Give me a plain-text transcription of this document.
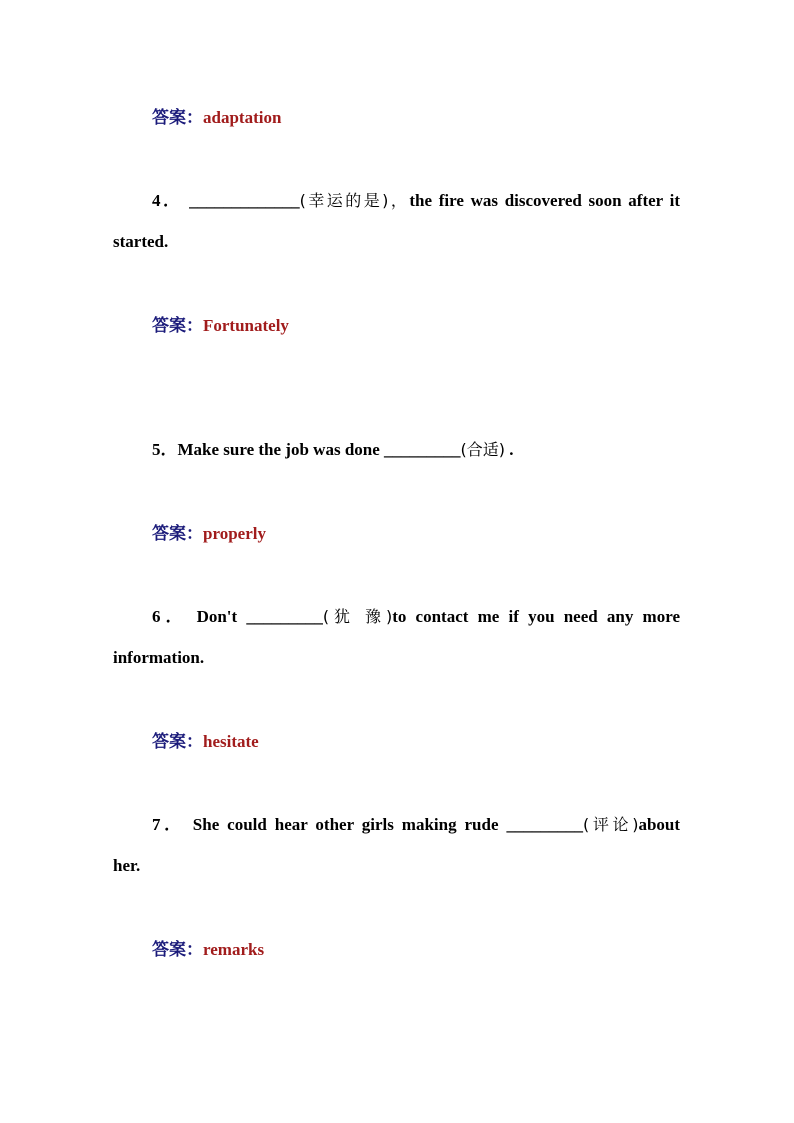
答案：adaptation
4． _____________(幸运的是)，the fire was discovered soon after it
started.
答案：Fortunately
5．Make sure the job was done _________(合适) .
答案：properly
6． Don't _________(犹 豫)to contact me if you need any more
information.
答案：hesitate
7． She could hear other girls making rude _________(评论)about
her.
答案：remarks
